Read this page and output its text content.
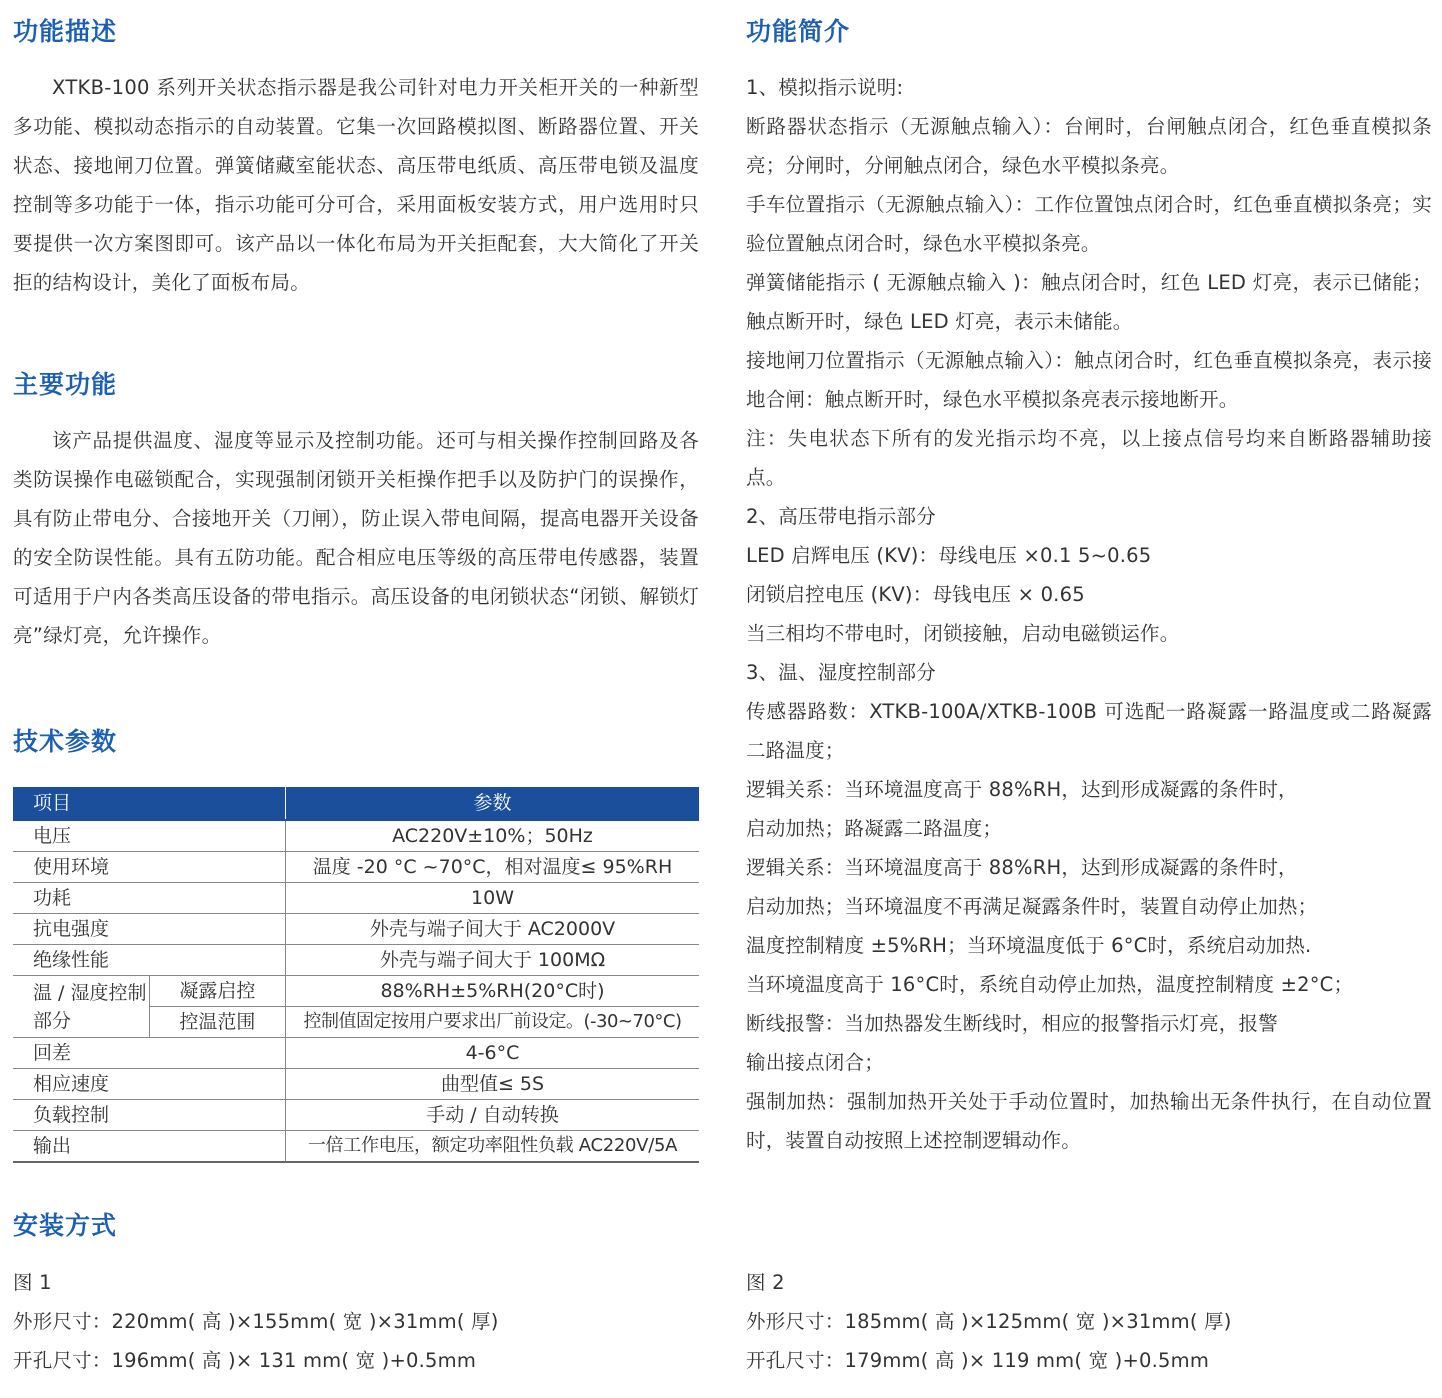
功能描述

XTKB-100 系列开关状态指示器是我公司针对电力开关柜开关的一种新型多功能、模拟动态指示的自动装置。它集一次回路模拟图、断路器位置、开关状态、接地闸刀位置。弹簧储藏室能状态、高压带电纸质、高压带电锁及温度控制等多功能于一体，指示功能可分可合，采用面板安装方式，用户选用时只要提供一次方案图即可。该产品以一体化布局为开关拒配套，大大简化了开关拒的结构设计，美化了面板布局。

主要功能

该产品提供温度、湿度等显示及控制功能。还可与相关操作控制回路及各类防误操作电磁锁配合，实现强制闭锁开关柜操作把手以及防护门的误操作，具有防止带电分、合接地开关（刀闸），防止误入带电间隔，提高电器开关设备的安全防误性能。具有五防功能。配合相应电压等级的高压带电传感器，装置可适用于户内各类高压设备的带电指示。高压设备的电闭锁状态“闭锁、解锁灯亮”绿灯亮，允许操作。

技术参数
项目		参数
电压		AC220V±10%；50Hz
使用环境		温度 -20 °C ~70°C，相对温度≤ 95%RH
功耗		10W
抗电强度		外壳与端子间大于 AC2000V
绝缘性能		外壳与端子间大于 100MΩ
温 / 湿度控制部分	凝露启控	88%RH±5%RH(20°C时)
	控温范围	控制值固定按用户要求出厂前设定。(-30~70°C)
回差		4-6°C
相应速度		曲型值≤ 5S
负载控制		手动 / 自动转换
输出		一倍工作电压，额定功率阻性负载 AC220V/5A
安装方式

图 1

外形尺寸：220mm( 高 )×155mm( 宽 )×31mm( 厚)

开孔尺寸：196mm( 高 )× 131 mm( 宽 )+0.5mm

功能简介

1、模拟指示说明:

断路器状态指示（无源触点输入）：台闸时，台闸触点闭合，红色垂直模拟条亮；分闸时，分闸触点闭合，绿色水平模拟条亮。

手车位置指示（无源触点输入）：工作位置蚀点闭合时，红色垂直横拟条亮；实验位置触点闭合时，绿色水平模拟条亮。

弹簧储能指示 ( 无源触点输入 )：触点闭合时，红色 LED 灯亮，表示已储能；触点断开时，绿色 LED 灯亮，表示未储能。

接地闸刀位置指示（无源触点输入）：触点闭合时，红色垂直模拟条亮，表示接地合闸：触点断开时，绿色水平模拟条亮表示接地断开。

注：失电状态下所有的发光指示均不亮，以上接点信号均来自断路器辅助接点。

2、高压带电指示部分

LED 启辉电压 (KV)：母线电压 ×0.1 5~0.65

闭锁启控电压 (KV)：母钱电压 × 0.65

当三相均不带电时，闭锁接触，启动电磁锁运作。

3、温、湿度控制部分

传感器路数：XTKB-100A/XTKB-100B 可选配一路凝露一路温度或二路凝露二路温度；

逻辑关系：当环境温度高于 88%RH，达到形成凝露的条件时，

启动加热；路凝露二路温度；

逻辑关系：当环境温度高于 88%RH，达到形成凝露的条件时，

启动加热；当环境温度不再满足凝露条件时，装置自动停止加热；

温度控制精度 ±5%RH；当环境温度低于 6°C时，系统启动加热.

当环境温度高于 16°C时，系统自动停止加热，温度控制精度 ±2°C；

断线报警：当加热器发生断线时，相应的报警指示灯亮，报警

输出接点闭合；

强制加热：强制加热开关处于手动位置时，加热输出无条件执行，在自动位置时，装置自动按照上述控制逻辑动作。

图 2

外形尺寸：185mm( 高 )×125mm( 宽 )×31mm( 厚)

开孔尺寸：179mm( 高 )× 119 mm( 宽 )+0.5mm
